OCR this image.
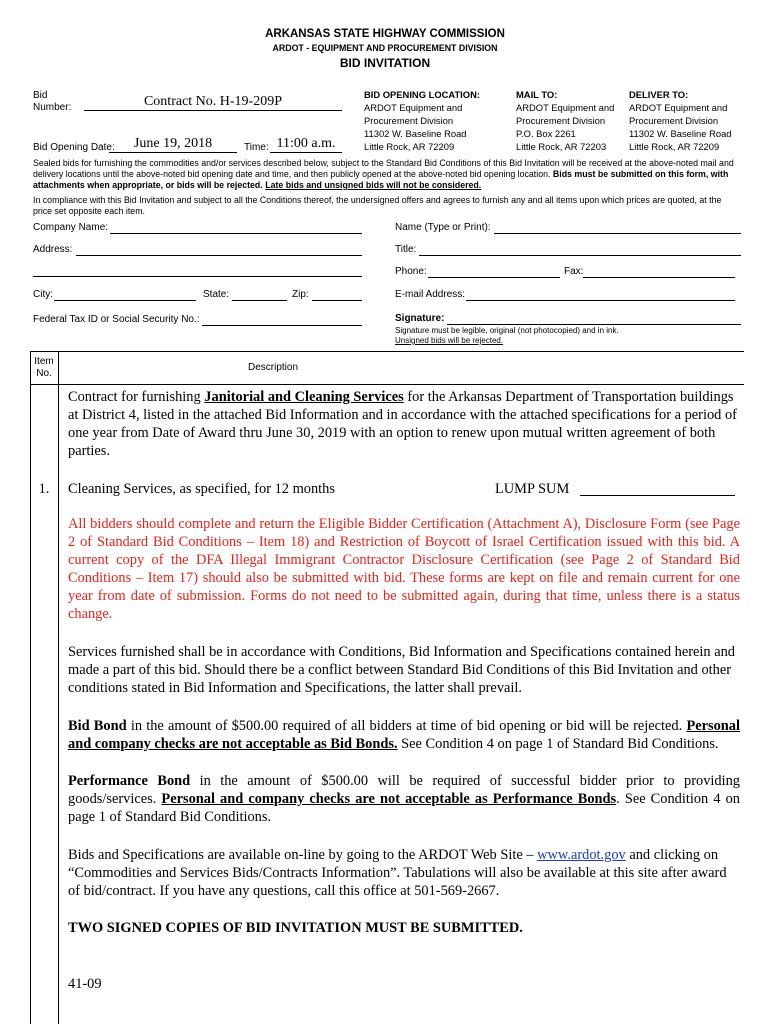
ARKANSAS STATE HIGHWAY COMMISSION
ARDOT - EQUIPMENT AND PROCUREMENT DIVISION
BID INVITATION
Bid
Number:	Contract No. H-19-209P
Bid Opening Date:	June 19, 2018	Time: 11:00 a.m.
BID OPENING LOCATION:
ARDOT Equipment and
Procurement Division
11302 W. Baseline Road
Little Rock, AR 72209
MAIL TO:
ARDOT Equipment and
Procurement Division
P.O. Box 2261
Little Rock, AR 72203
DELIVER TO:
ARDOT Equipment and
Procurement Division
11302 W. Baseline Road
Little Rock, AR 72209
Sealed bids for furnishing the commodities and/or services described below, subject to the Standard Bid Conditions of this Bid Invitation will be received at the above-noted mail and delivery locations until the above-noted bid opening date and time, and then publicly opened at the above-noted bid opening location. Bids must be submitted on this form, with attachments when appropriate, or bids will be rejected. Late bids and unsigned bids will not be considered.
In compliance with this Bid Invitation and subject to all the Conditions thereof, the undersigned offers and agrees to furnish any and all items upon which prices are quoted, at the price set opposite each item.
Company Name:
Address:
City:	State:	Zip:
Federal Tax ID or Social Security No.:
Name (Type or Print):
Title:
Phone:	Fax:
E-mail Address:
Signature:
Signature must be legible, original (not photocopied) and in ink.
Unsigned bids will be rejected.
Item
No.
Description
Contract for furnishing Janitorial and Cleaning Services for the Arkansas Department of Transportation buildings at District 4, listed in the attached Bid Information and in accordance with the attached specifications for a period of one year from Date of Award thru June 30, 2019 with an option to renew upon mutual written agreement of both parties.
1.	Cleaning Services, as specified, for 12 months	LUMP SUM
All bidders should complete and return the Eligible Bidder Certification (Attachment A), Disclosure Form (see Page 2 of Standard Bid Conditions – Item 18) and Restriction of Boycott of Israel Certification issued with this bid. A current copy of the DFA Illegal Immigrant Contractor Disclosure Certification (see Page 2 of Standard Bid Conditions – Item 17) should also be submitted with bid. These forms are kept on file and remain current for one year from date of submission. Forms do not need to be submitted again, during that time, unless there is a status change.
Services furnished shall be in accordance with Conditions, Bid Information and Specifications contained herein and made a part of this bid. Should there be a conflict between Standard Bid Conditions of this Bid Invitation and other conditions stated in Bid Information and Specifications, the latter shall prevail.
Bid Bond in the amount of $500.00 required of all bidders at time of bid opening or bid will be rejected. Personal and company checks are not acceptable as Bid Bonds. See Condition 4 on page 1 of Standard Bid Conditions.
Performance Bond in the amount of $500.00 will be required of successful bidder prior to providing goods/services. Personal and company checks are not acceptable as Performance Bonds. See Condition 4 on page 1 of Standard Bid Conditions.
Bids and Specifications are available on-line by going to the ARDOT Web Site – www.ardot.gov and clicking on “Commodities and Services Bids/Contracts Information”. Tabulations will also be available at this site after award of bid/contract. If you have any questions, call this office at 501-569-2667.
TWO SIGNED COPIES OF BID INVITATION MUST BE SUBMITTED.
41-09
